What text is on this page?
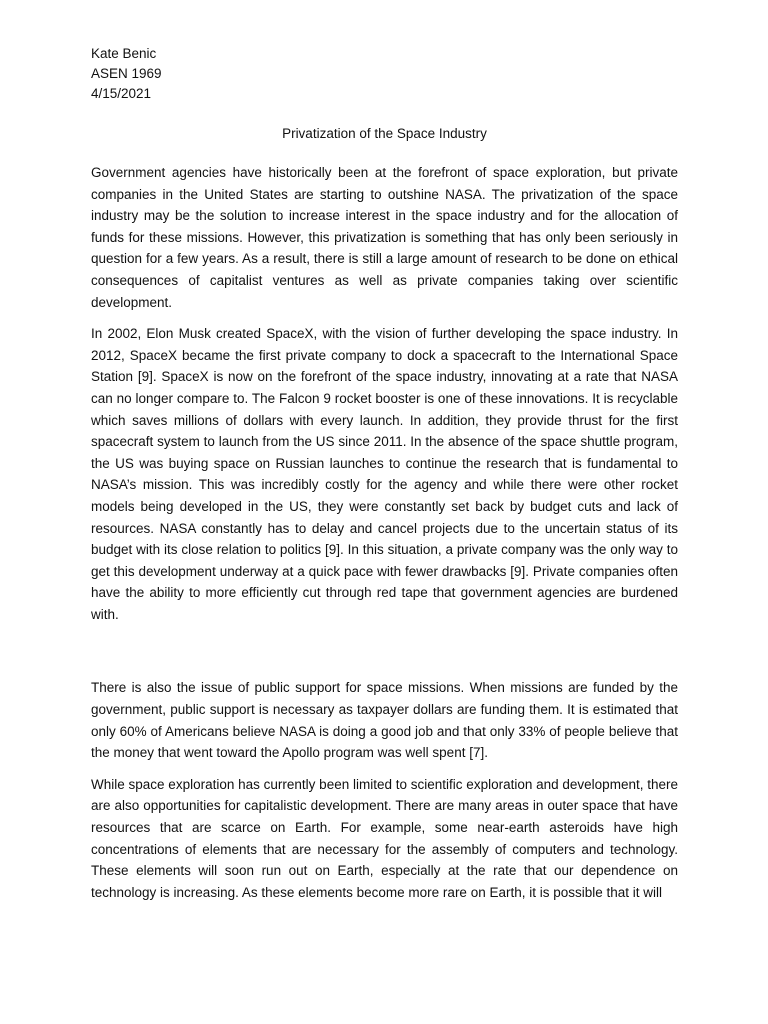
Kate Benic

ASEN 1969

4/15/2021

Privatization of the Space Industry

Government agencies have historically been at the forefront of space exploration, but private companies in the United States are starting to outshine NASA. The privatization of the space industry may be the solution to increase interest in the space industry and for the allocation of funds for these missions. However, this privatization is something that has only been seriously in question for a few years. As a result, there is still a large amount of research to be done on ethical consequences of capitalist ventures as well as private companies taking over scientific development.

In 2002, Elon Musk created SpaceX, with the vision of further developing the space industry. In 2012, SpaceX became the first private company to dock a spacecraft to the International Space Station [9]. SpaceX is now on the forefront of the space industry, innovating at a rate that NASA can no longer compare to. The Falcon 9 rocket booster is one of these innovations. It is recyclable which saves millions of dollars with every launch. In addition, they provide thrust for the first spacecraft system to launch from the US since 2011. In the absence of the space shuttle program, the US was buying space on Russian launches to continue the research that is fundamental to NASA’s mission. This was incredibly costly for the agency and while there were other rocket models being developed in the US, they were constantly set back by budget cuts and lack of resources. NASA constantly has to delay and cancel projects due to the uncertain status of its budget with its close relation to politics [9]. In this situation, a private company was the only way to get this development underway at a quick pace with fewer drawbacks [9]. Private companies often have the ability to more efficiently cut through red tape that government agencies are burdened with.

There is also the issue of public support for space missions. When missions are funded by the government, public support is necessary as taxpayer dollars are funding them. It is estimated that only 60% of Americans believe NASA is doing a good job and that only 33% of people believe that the money that went toward the Apollo program was well spent [7].

While space exploration has currently been limited to scientific exploration and development, there are also opportunities for capitalistic development. There are many areas in outer space that have resources that are scarce on Earth. For example, some near-earth asteroids have high concentrations of elements that are necessary for the assembly of computers and technology. These elements will soon run out on Earth, especially at the rate that our dependence on technology is increasing. As these elements become more rare on Earth, it is possible that it will
